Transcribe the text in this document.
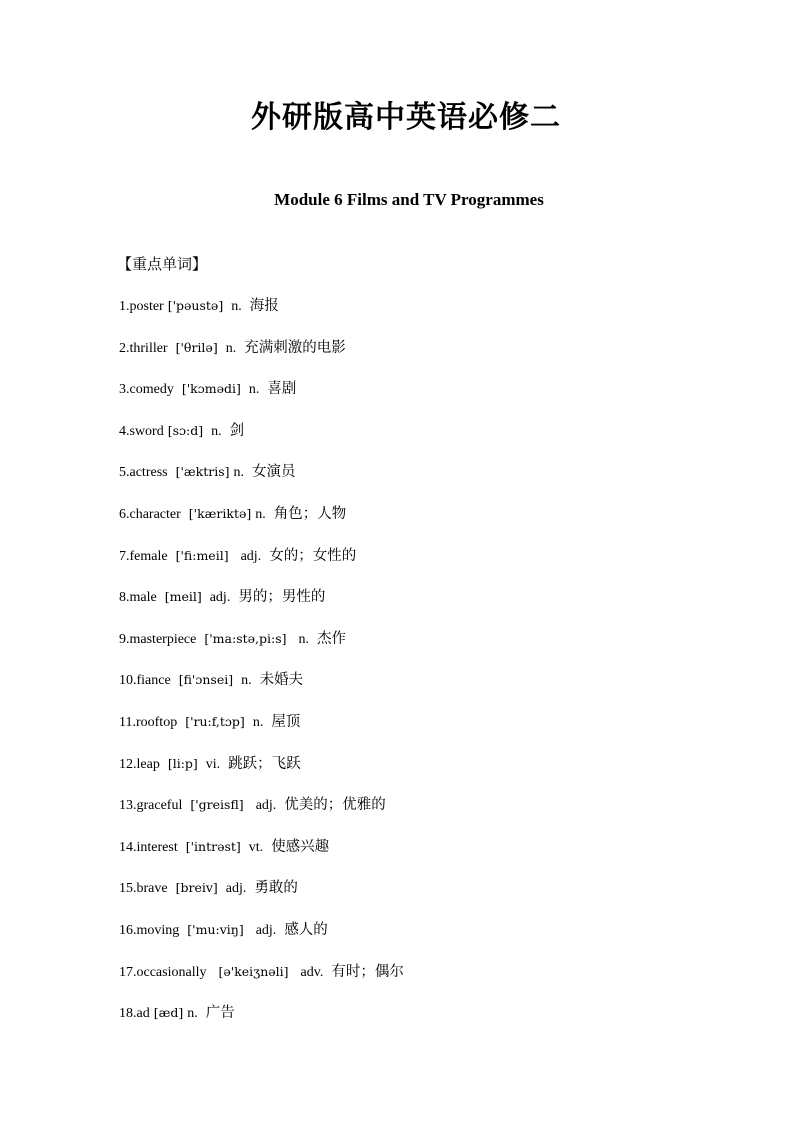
外研版高中英语必修二
Module 6 Films and TV Programmes
【重点单词】
1.poster ['pəustə] n. 海报
2.thriller ['θrilə] n. 充满刺激的电影
3.comedy ['kɔmədi] n. 喜剧
4.sword [sɔ:d] n. 剑
5.actress ['æktris] n. 女演员
6.character ['kæriktə] n. 角色；人物
7.female ['fi:meil] adj. 女的；女性的
8.male [meil] adj. 男的；男性的
9.masterpiece ['ma:stə,pi:s] n. 杰作
10.fiance [fi'ɔnsei] n. 未婚夫
11.rooftop ['ru:f,tɔp] n. 屋顶
12.leap [li:p] vi. 跳跃；飞跃
13.graceful ['greisfl] adj. 优美的；优雅的
14.interest ['intrəst] vt. 使感兴趣
15.brave [breiv] adj. 勇敢的
16.moving ['mu:viŋ] adj. 感人的
17.occasionally [ə'keiʒnəli] adv. 有时；偶尔
18.ad [æd] n. 广告
